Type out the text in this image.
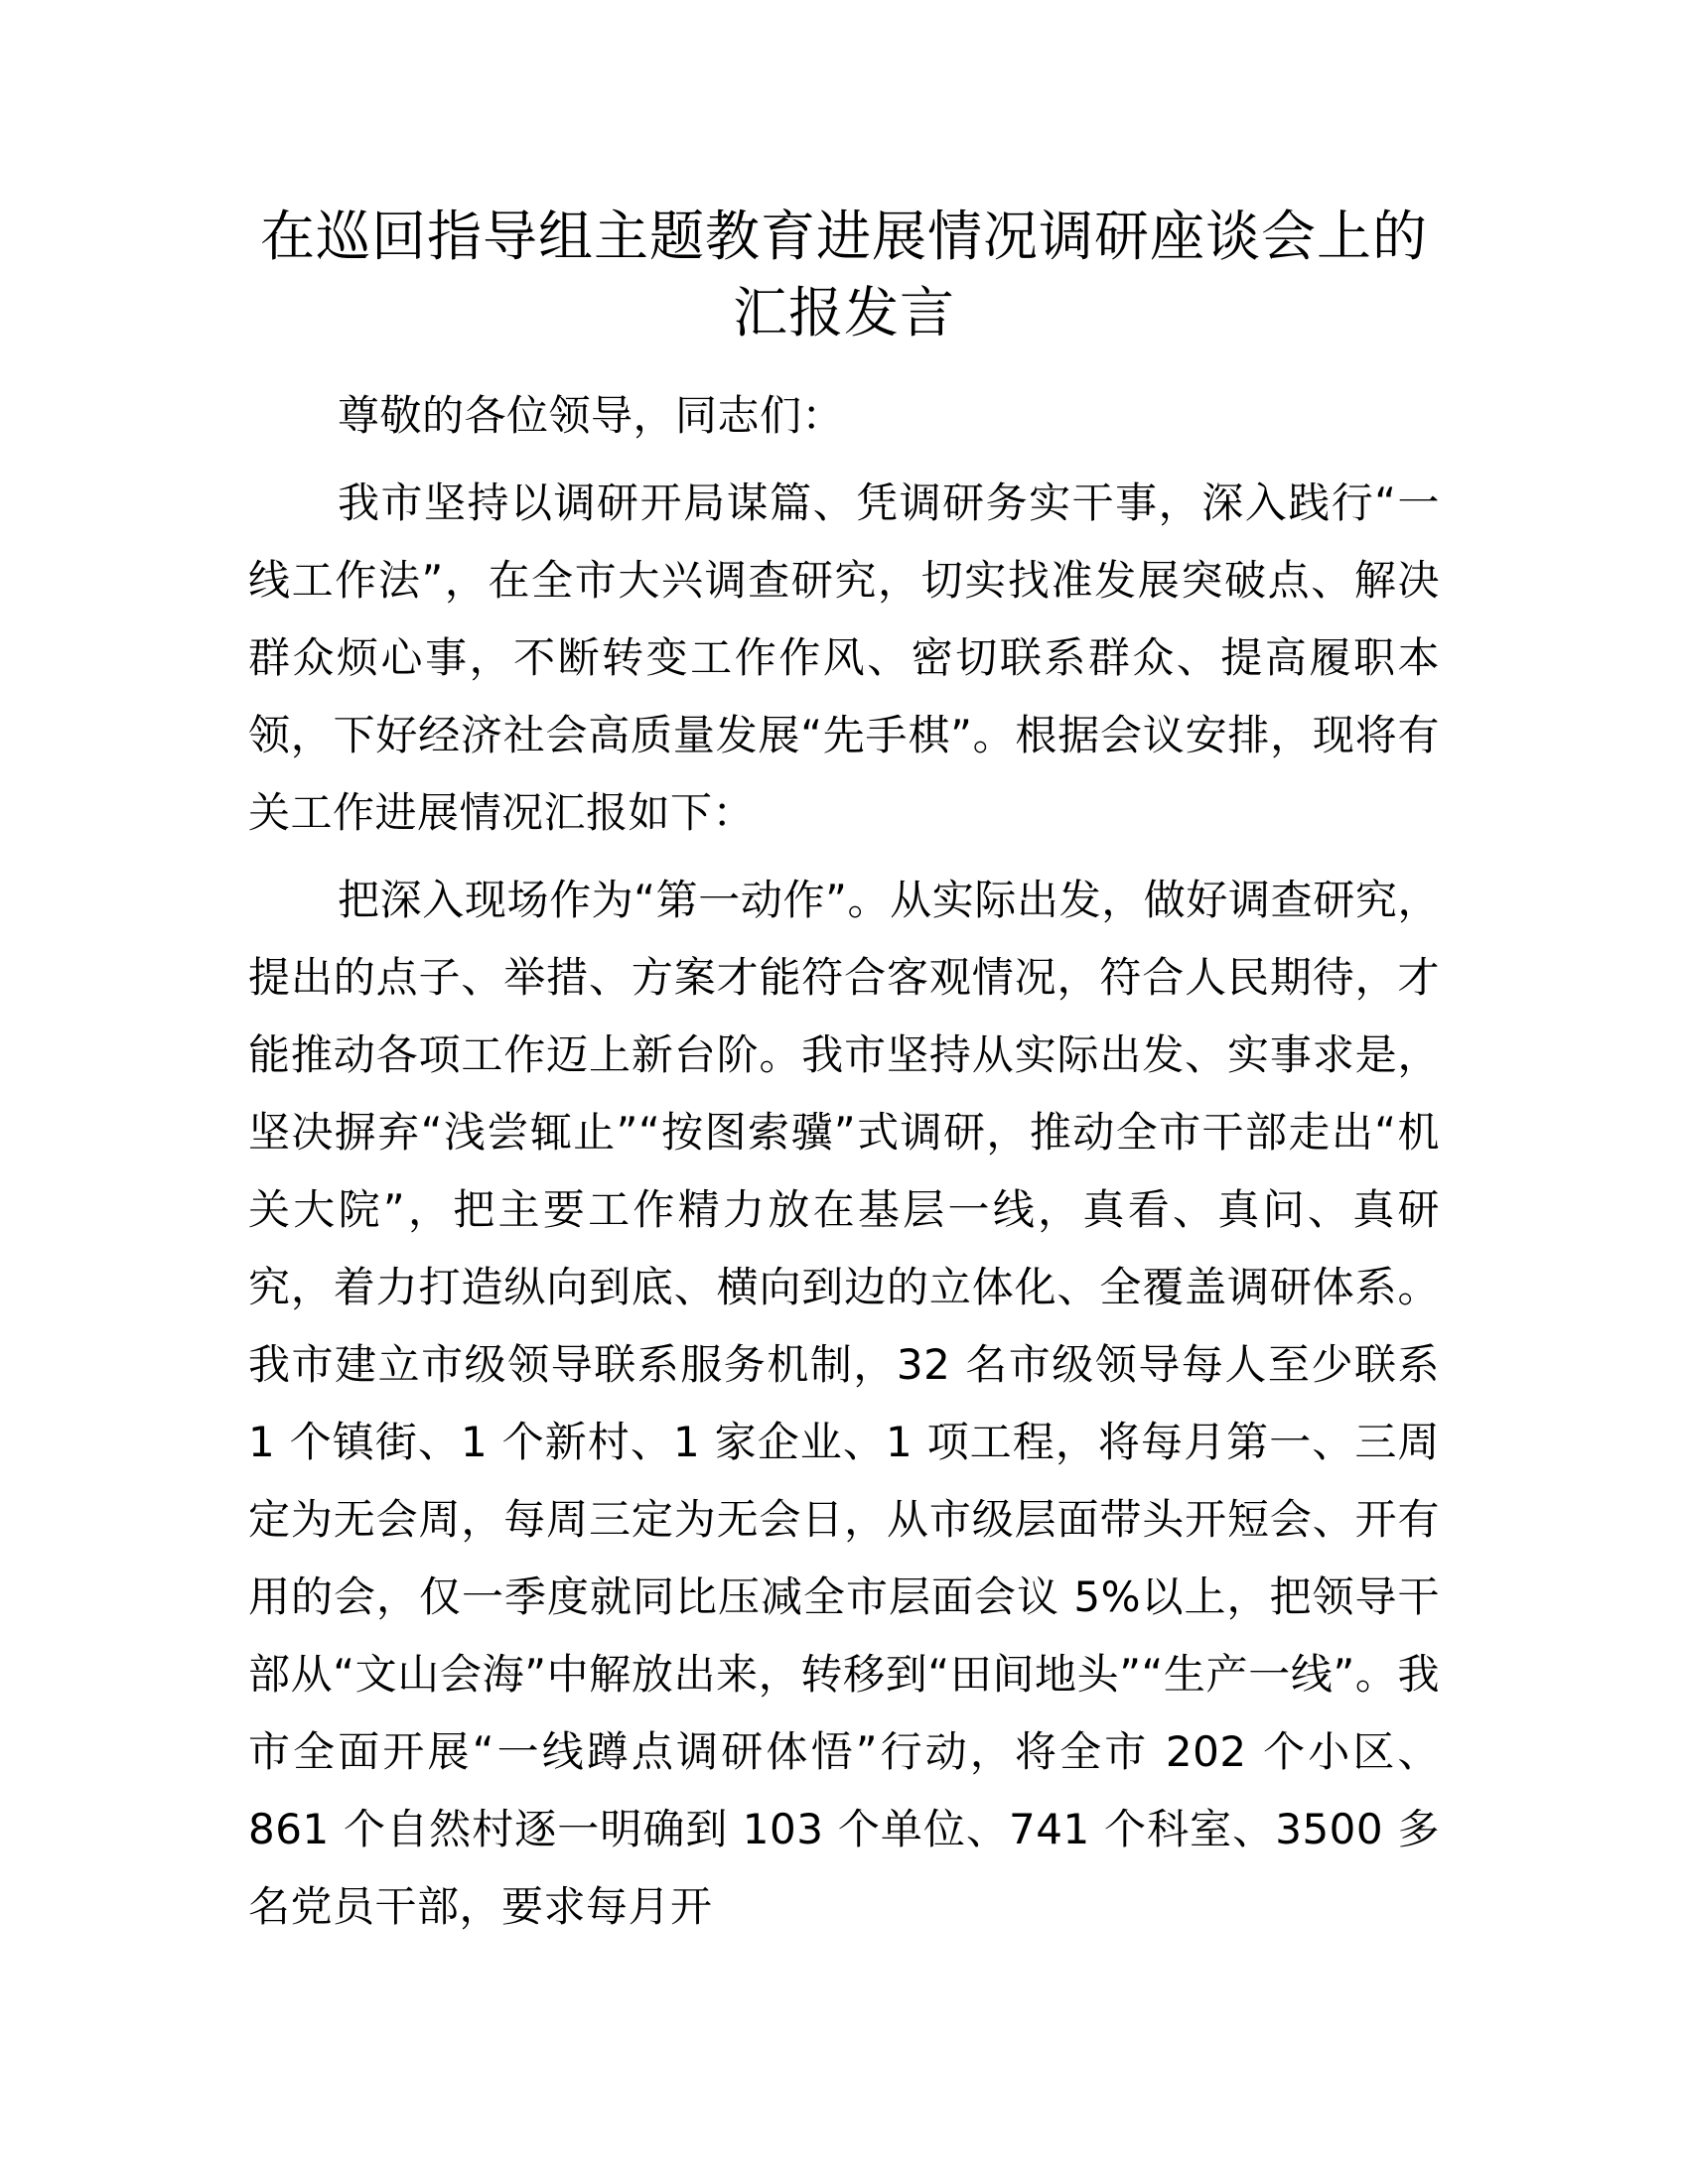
在巡回指导组主题教育进展情况调研座谈会上的汇报发言

尊敬的各位领导，同志们：

我市坚持以调研开局谋篇、凭调研务实干事，深入践行“一线工作法”，在全市大兴调查研究，切实找准发展突破点、解决群众烦心事，不断转变工作作风、密切联系群众、提高履职本领，下好经济社会高质量发展“先手棋”。根据会议安排，现将有关工作进展情况汇报如下：

把深入现场作为“第一动作”。从实际出发，做好调查研究，提出的点子、举措、方案才能符合客观情况，符合人民期待，才能推动各项工作迈上新台阶。我市坚持从实际出发、实事求是，坚决摒弃“浅尝辄止”“按图索骥”式调研，推动全市干部走出“机关大院”，把主要工作精力放在基层一线，真看、真问、真研究，着力打造纵向到底、横向到边的立体化、全覆盖调研体系。我市建立市级领导联系服务机制，32 名市级领导每人至少联系 1 个镇街、1 个新村、1 家企业、1 项工程，将每月第一、三周定为无会周，每周三定为无会日，从市级层面带头开短会、开有用的会，仅一季度就同比压减全市层面会议 5%以上，把领导干部从“文山会海”中解放出来，转移到“田间地头”“生产一线”。我市全面开展“一线蹲点调研体悟”行动，将全市 202 个小区、861 个自然村逐一明确到 103 个单位、741 个科室、3500 多名党员干部，要求每月开
